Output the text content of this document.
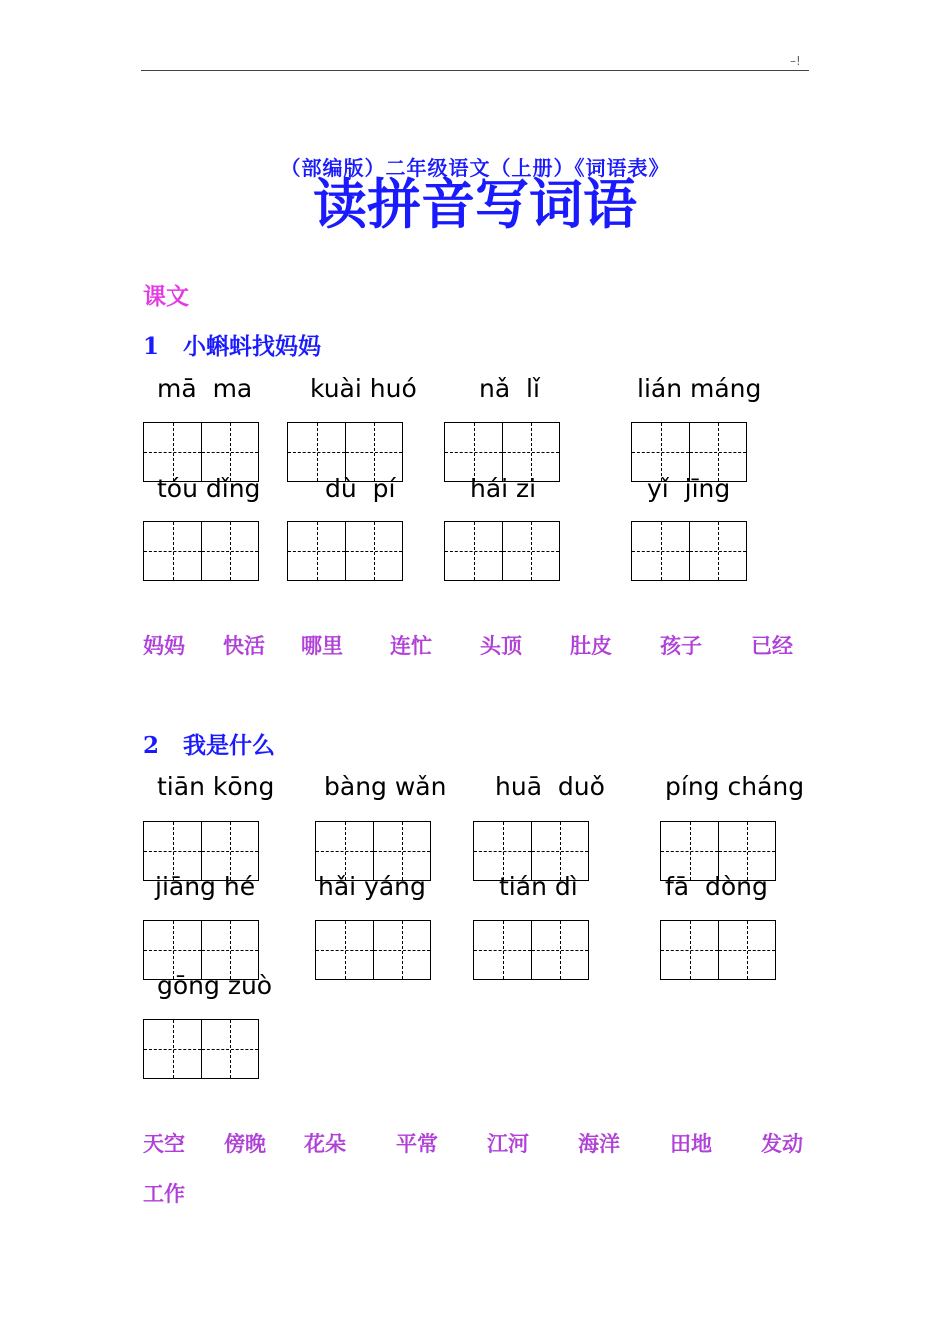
–!
（部编版）二年级语文（上册）《词语表》
读拼音写词语
课文
1 小蝌蚪找妈妈
mā  ma kuài huó nǎ  lǐ	lián máng
tóu dǐng	dù  pí	hái zi	yǐ  jīng
妈妈 快活 哪里 连忙 头顶 肚皮 孩子 已经
2 我是什么
tiān kōng bàng wǎn huā  duǒ píng cháng
jiāng hé	hǎi yáng	tián dì	fā  dòng
gōng zuò
天空 傍晚 花朵 平常 江河 海洋 田地 发动
工作
